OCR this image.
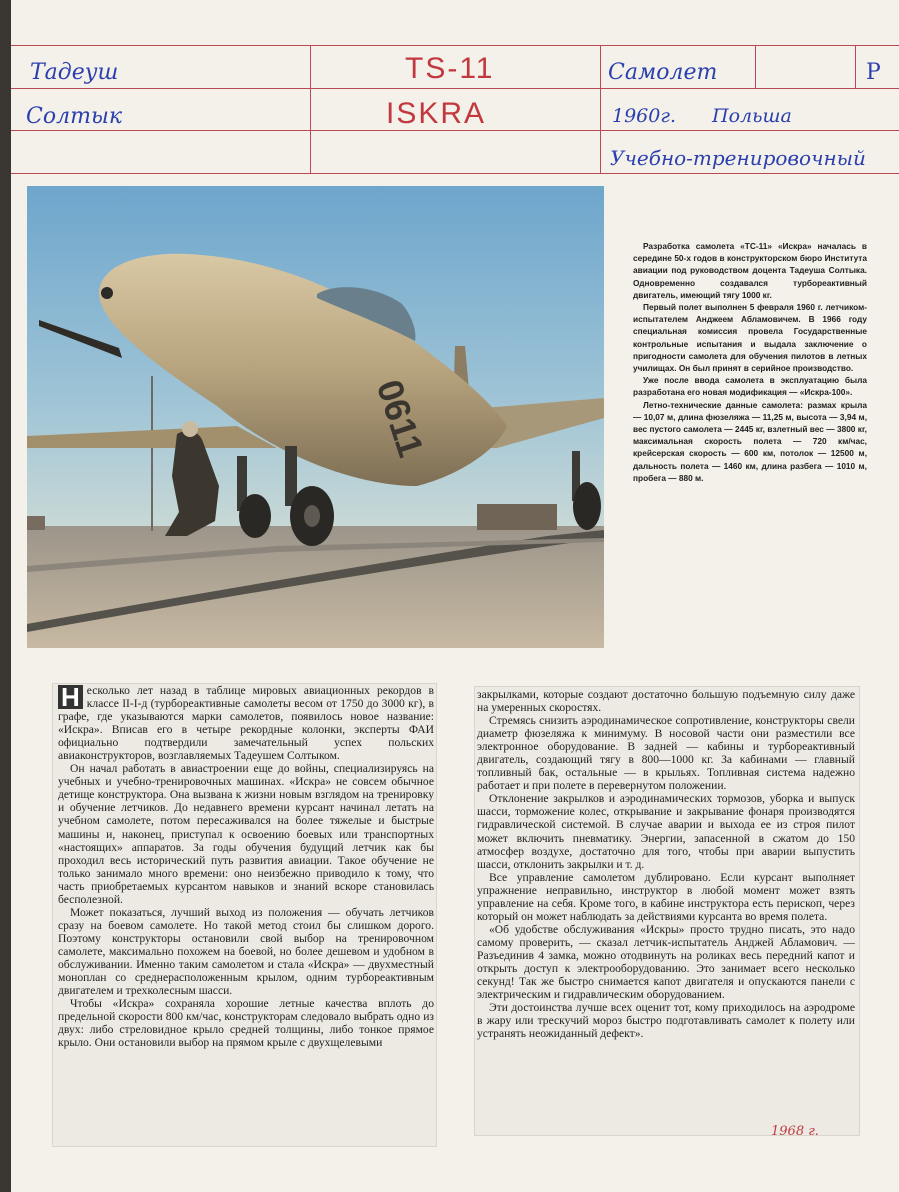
Тадеуш
Солтык
TS-11
ISKRA
Самолет	Р
1960г. Польша
Учебно-тренировочный
0611

Разработка самолета «ТС-11» «Искра» началась в середине 50-х годов в конструкторском бюро Института авиации под руководством доцента Тадеуша Солтыка. Одновременно создавался турбореактивный двигатель, имеющий тягу 1000 кг.

Первый полет выполнен 5 февраля 1960 г. летчиком-испытателем Анджеем Абламовичем. В 1966 году специальная комиссия провела Государственные контрольные испытания и выдала заключение о пригодности самолета для обучения пилотов в летных училищах. Он был принят в серийное производство.

Уже после ввода самолета в эксплуатацию была разработана его новая модификация — «Искра-100».

Летно-технические данные самолета: размах крыла — 10,07 м, длина фюзеляжа — 11,25 м, высота — 3,94 м, вес пустого самолета — 2445 кг, взлетный вес — 3800 кг, максимальная скорость полета — 720 км/час, крейсерская скорость — 600 км, потолок — 12500 м, дальность полета — 1460 км, длина разбега — 1010 м, пробега — 880 м.

Н есколько лет назад в таблице мировых авиационных рекордов в классе II-I-д (турбореактивные самолеты весом от 1750 до 3000 кг), в графе, где указываются марки самолетов, появилось новое название: «Искра». Вписав его в четыре рекордные колонки, эксперты ФАИ официально подтвердили замечательный успех польских авиаконструкторов, возглавляемых Тадеушем Солтыком.

Он начал работать в авиастроении еще до войны, специализируясь на учебных и учебно-тренировочных машинах. «Искра» не совсем обычное детище конструктора. Она вызвана к жизни новым взглядом на тренировку и обучение летчиков. До недавнего времени курсант начинал летать на учебном самолете, потом пересаживался на более тяжелые и быстрые машины и, наконец, приступал к освоению боевых или транспортных «настоящих» аппаратов. За годы обучения будущий летчик как бы проходил весь исторический путь развития авиации. Такое обучение не только занимало много времени: оно неизбежно приводило к тому, что часть приобретаемых курсантом навыков и знаний вскоре становилась бесполезной.

Может показаться, лучший выход из положения — обучать летчиков сразу на боевом самолете. Но такой метод стоил бы слишком дорого. Поэтому конструкторы остановили свой выбор на тренировочном самолете, максимально похожем на боевой, но более дешевом и удобном в обслуживании. Именно таким самолетом и стала «Искра» — двухместный моноплан со среднерасположенным крылом, одним турбореактивным двигателем и трехколесным шасси.

Чтобы «Искра» сохраняла хорошие летные качества вплоть до предельной скорости 800 км/час, конструкторам следовало выбрать одно из двух: либо стреловидное крыло средней толщины, либо тонкое прямое крыло. Они остановили выбор на прямом крыле с двухщелевыми

закрылками, которые создают достаточно большую подъемную силу даже на умеренных скоростях.

Стремясь снизить аэродинамическое сопротивление, конструкторы свели диаметр фюзеляжа к минимуму. В носовой части они разместили все электронное оборудование. В задней — кабины и турбореактивный двигатель, создающий тягу в 800—1000 кг. За кабинами — главный топливный бак, остальные — в крыльях. Топливная система надежно работает и при полете в перевернутом положении.

Отклонение закрылков и аэродинамических тормозов, уборка и выпуск шасси, торможение колес, открывание и закрывание фонаря производятся гидравлической системой. В случае аварии и выхода ее из строя пилот может включить пневматику. Энергии, запасенной в сжатом до 150 атмосфер воздухе, достаточно для того, чтобы при аварии выпустить шасси, отклонить закрылки и т. д.

Все управление самолетом дублировано. Если курсант выполняет упражнение неправильно, инструктор в любой момент может взять управление на себя. Кроме того, в кабине инструктора есть перископ, через который он может наблюдать за действиями курсанта во время полета.

«Об удобстве обслуживания «Искры» просто трудно писать, это надо самому проверить, — сказал летчик-испытатель Анджей Абламович. — Разъединив 4 замка, можно отодвинуть на роликах весь передний капот и открыть доступ к электрооборудованию. Это занимает всего несколько секунд! Так же быстро снимается капот двигателя и опускаются панели с электрическим и гидравлическим оборудованием.

Эти достоинства лучше всех оценит тот, кому приходилось на аэродроме в жару или трескучий мороз быстро подготавливать самолет к полету или устранять неожиданный дефект».

1968 г.
